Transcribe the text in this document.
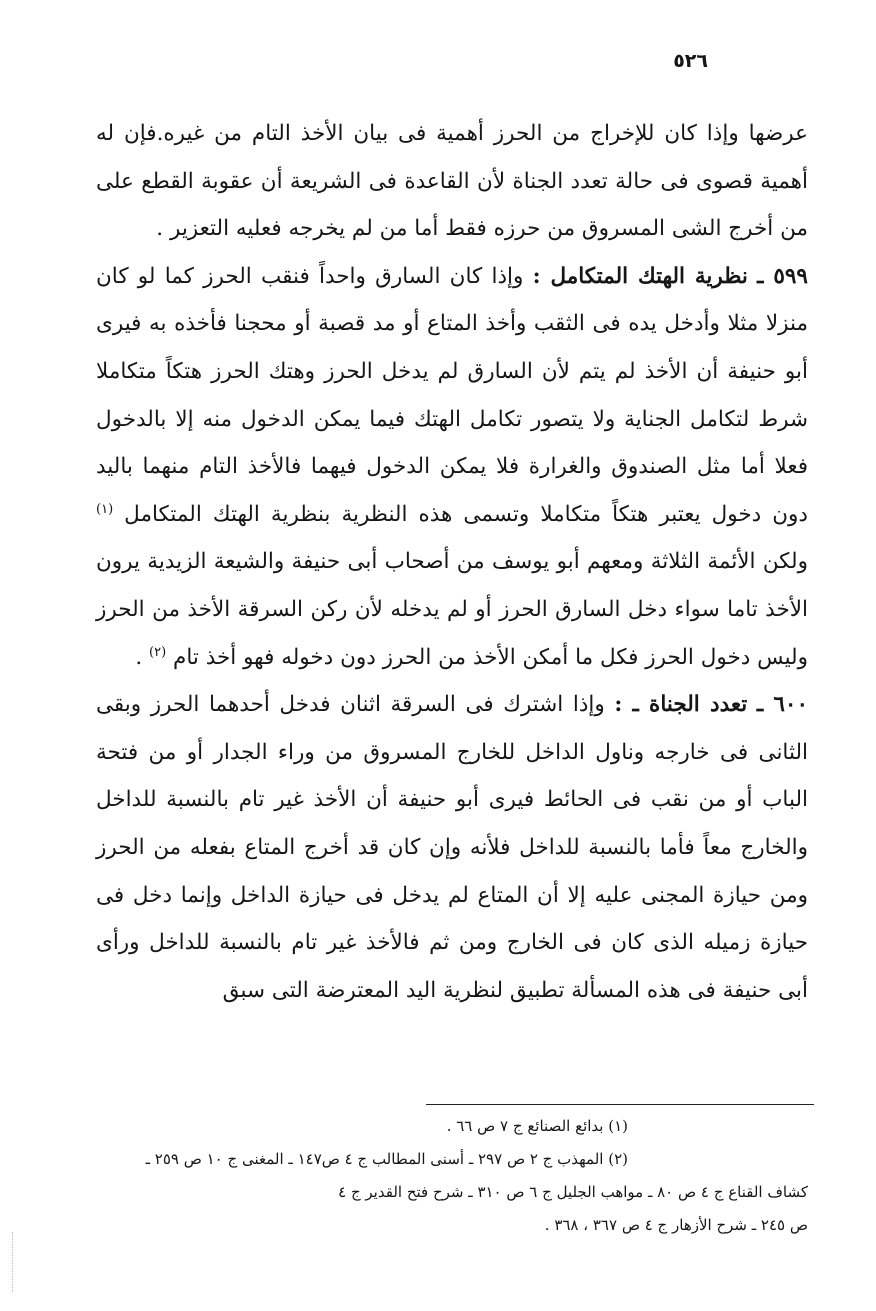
٥٢٦

عرضها وإذا كان للإخراج من الحرز أهمية فى بيان الأخذ التام من غيره.فإن له أهمية قصوى فى حالة تعدد الجناة لأن القاعدة فى الشريعة أن عقوبة القطع على من أخرج الشى المسروق من حرزه فقط أما من لم يخرجه فعليه التعزير .

٥٩٩ ـ نظرية الهتك المتكامل : وإذا كان السارق واحداً فنقب الحرز كما لو كان منزلا مثلا وأدخل يده فى الثقب وأخذ المتاع أو مد قصبة أو محجنا فأخذه به فيرى أبو حنيفة أن الأخذ لم يتم لأن السارق لم يدخل الحرز وهتك الحرز هتكاً متكاملا شرط لتكامل الجناية ولا يتصور تكامل الهتك فيما يمكن الدخول منه إلا بالدخول فعلا أما مثل الصندوق والغرارة فلا يمكن الدخول فيهما فالأخذ التام منهما باليد دون دخول يعتبر هتكاً متكاملا وتسمى هذه النظرية بنظرية الهتك المتكامل $^{(١)}$ ولكن الأئمة الثلاثة ومعهم أبو يوسف من أصحاب أبى حنيفة والشيعة الزيدية يرون الأخذ تاما سواء دخل السارق الحرز أو لم يدخله لأن ركن السرقة الأخذ من الحرز وليس دخول الحرز فكل ما أمكن الأخذ من الحرز دون دخوله فهو أخذ تام $^{(٢)}$ .

٦٠٠ ـ تعدد الجناة ـ : وإذا اشترك فى السرقة اثنان فدخل أحدهما الحرز وبقى الثانى فى خارجه وناول الداخل للخارج المسروق من وراء الجدار أو من فتحة الباب أو من نقب فى الحائط فيرى أبو حنيفة أن الأخذ غير تام بالنسبة للداخل والخارج معاً فأما بالنسبة للداخل فلأنه وإن كان قد أخرج المتاع بفعله من الحرز ومن حيازة المجنى عليه إلا أن المتاع لم يدخل فى حيازة الداخل وإنما دخل فى حيازة زميله الذى كان فى الخارج ومن ثم فالأخذ غير تام بالنسبة للداخل ورأى أبى حنيفة فى هذه المسألة تطبيق لنظرية اليد المعترضة التى سبق

(١) بدائع الصنائع ج ٧ ص ٦٦ .

(٢) المهذب ج ٢ ص ٢٩٧ ـ أسنى المطالب ج ٤ ص١٤٧ ـ المغنى ج ١٠ ص ٢٥٩ ـ

كشاف القناع ج ٤ ص ٨٠ ـ مواهب الجليل ج ٦ ص ٣١٠ ـ شرح فتح القدير ج ٤

ص ٢٤٥ ـ شرح الأزهار ج ٤ ص ٣٦٧ ، ٣٦٨ .
